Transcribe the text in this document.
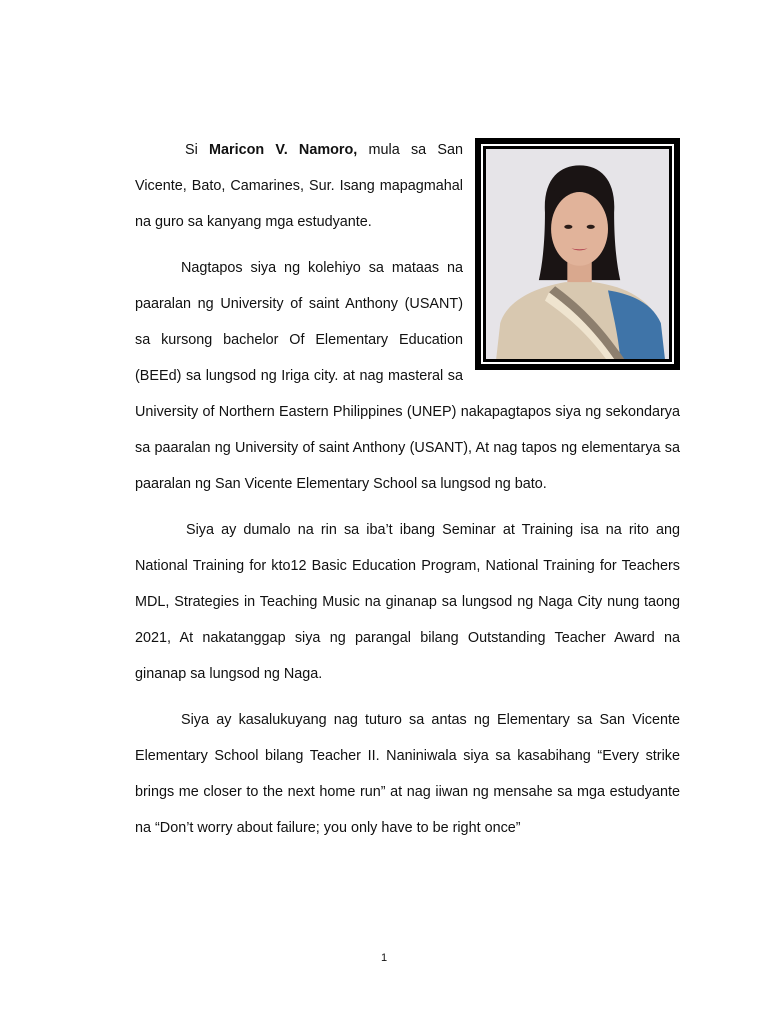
Si Maricon V. Namoro, mula sa San Vicente, Bato, Camarines, Sur. Isang mapagmahal na guro sa kanyang mga estudyante.

Nagtapos siya ng kolehiyo sa mataas na paaralan ng University of saint Anthony (USANT) sa kursong bachelor Of Elementary Education (BEEd) sa lungsod ng Iriga city. at nag masteral sa University of Northern Eastern Philippines (UNEP) nakapagtapos siya ng sekondarya sa paaralan ng University of saint Anthony (USANT), At nag tapos ng elementarya sa paaralan ng San Vicente Elementary School sa lungsod ng bato.

Siya ay dumalo na rin sa iba’t ibang Seminar at Training isa na rito ang National Training for kto12 Basic Education Program, National Training for Teachers MDL, Strategies in Teaching Music na ginanap sa lungsod ng Naga City nung taong 2021, At nakatanggap siya ng parangal bilang Outstanding Teacher Award na ginanap sa lungsod ng Naga.

Siya ay kasalukuyang nag tuturo sa antas ng Elementary sa San Vicente Elementary School bilang Teacher II. Naniniwala siya sa kasabihang “Every strike brings me closer to the next home run” at nag iiwan ng mensahe sa mga estudyante na “Don’t worry about failure; you only have to be right once”

1
